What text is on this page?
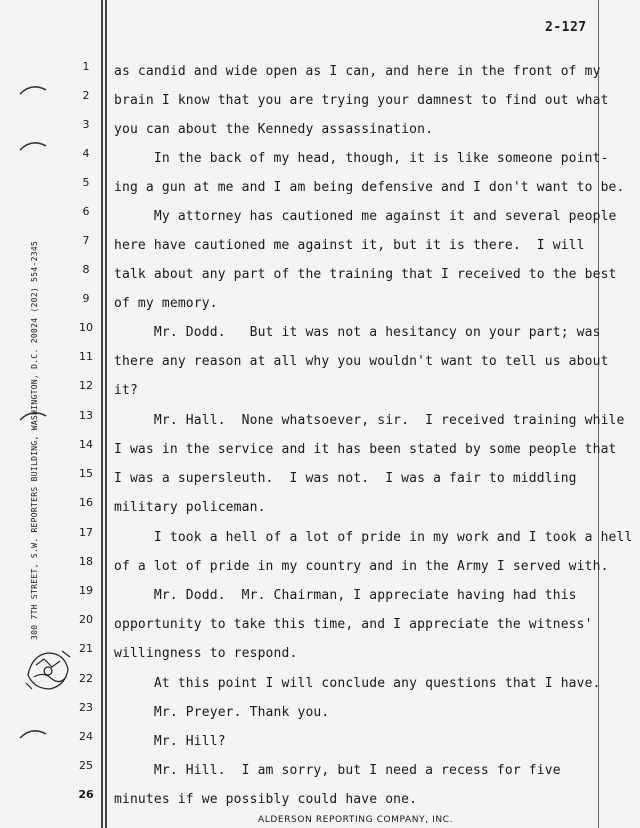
2-127
300 7TH STREET, S.W. REPORTERS BUILDING, WASHINGTON, D.C. 20024 (202) 554-2345
1	as candid and wide open as I can, and here in the front of my
2	brain I know that you are trying your damnest to find out what
3	you can about the Kennedy assassination.
4	In the back of my head, though, it is like someone point-
5	ing a gun at me and I am being defensive and I don't want to be.
6	My attorney has cautioned me against it and several people
7	here have cautioned me against it, but it is there.  I will
8	talk about any part of the training that I received to the best
9	of my memory.
10 Mr. Dodd.   But it was not a hesitancy on your part; was
11 there any reason at all why you wouldn't want to tell us about
12 it?
13 Mr. Hall.  None whatsoever, sir.  I received training while
14 I was in the service and it has been stated by some people that
15 I was a supersleuth.  I was not.  I was a fair to middling
16 military policeman.
17 I took a hell of a lot of pride in my work and I took a hell
18 of a lot of pride in my country and in the Army I served with.
19 Mr. Dodd.  Mr. Chairman, I appreciate having had this
20 opportunity to take this time, and I appreciate the witness'
21 willingness to respond.
22 At this point I will conclude any questions that I have.
23 Mr. Preyer. Thank you.
24 Mr. Hill?
25 Mr. Hill.  I am sorry, but I need a recess for five
26 minutes if we possibly could have one.
ALDERSON REPORTING COMPANY, INC.
